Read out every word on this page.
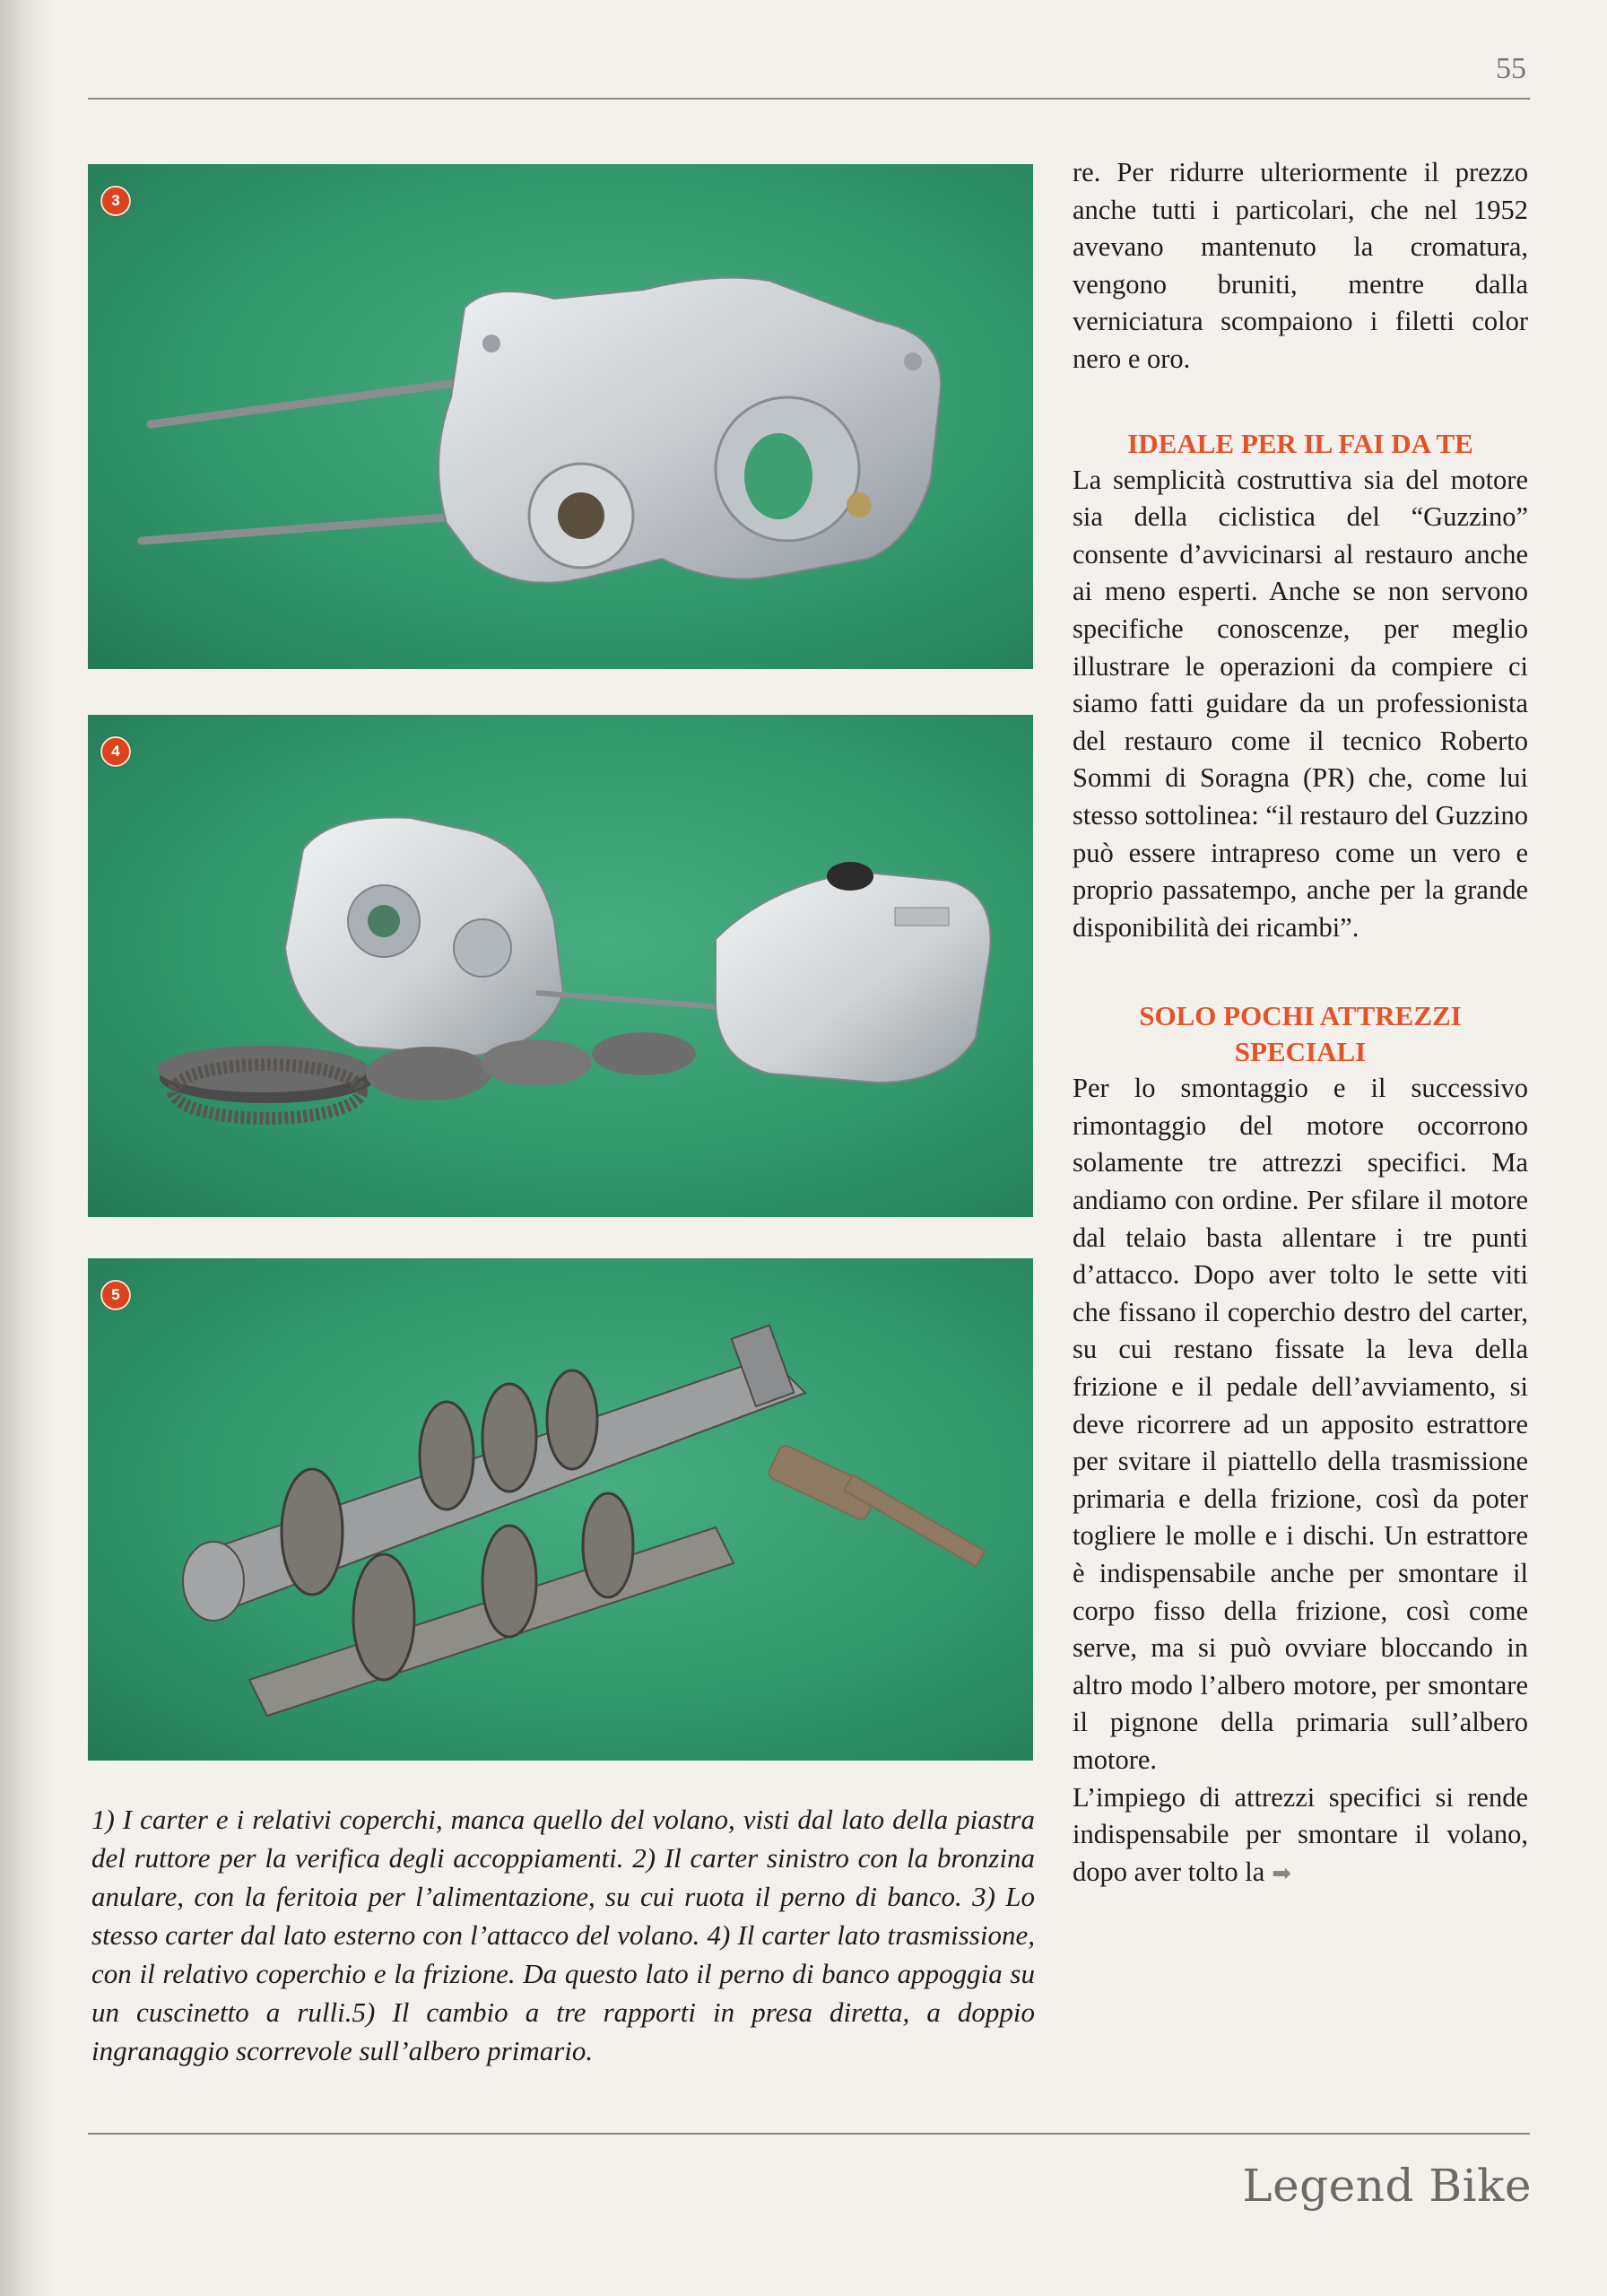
55
3
4
5

1) I carter e i relativi coperchi, manca quello del volano, visti dal lato della piastra del ruttore per la verifica degli accoppiamenti. 2) Il carter sinistro con la bronzina anulare, con la feritoia per l’alimentazione, su cui ruota il perno di banco. 3) Lo stesso carter dal lato esterno con l’attacco del volano. 4) Il carter lato trasmissione, con il relativo coperchio e la frizione. Da questo lato il perno di banco appoggia su un cuscinetto a rulli.5) Il cambio a tre rapporti in presa diretta, a doppio ingranaggio scorrevole sull’albero primario.

re. Per ridurre ulteriormente il prezzo anche tutti i particolari, che nel 1952 avevano mantenuto la cromatura, vengono bruniti, mentre dalla verniciatura scompaiono i filetti color nero e oro.

IDEALE PER IL FAI DA TE

La semplicità costruttiva sia del motore sia della ciclistica del “Guzzino” consente d’avvicinarsi al restauro anche ai meno esperti. Anche se non servono specifiche conoscenze, per meglio illustrare le operazioni da compiere ci siamo fatti guidare da un professionista del restauro come il tecnico Roberto Sommi di Soragna (PR) che, come lui stesso sottolinea: “il restauro del Guzzino può essere intrapreso come un vero e proprio passatempo, anche per la grande disponibilità dei ricambi”.

SOLO POCHI ATTREZZI SPECIALI

Per lo smontaggio e il successivo rimontaggio del motore occorrono solamente tre attrezzi specifici. Ma andiamo con ordine. Per sfilare il motore dal telaio basta allentare i tre punti d’attacco. Dopo aver tolto le sette viti che fissano il coperchio destro del carter, su cui restano fissate la leva della frizione e il pedale dell’avviamento, si deve ricorrere ad un apposito estrattore per svitare il piattello della trasmissione primaria e della frizione, così da poter togliere le molle e i dischi. Un estrattore è indispensabile anche per smontare il corpo fisso della frizione, così come serve, ma si può ovviare bloccando in altro modo l’albero motore, per smontare il pignone della primaria sull’albero motore.

L’impiego di attrezzi specifici si rende indispensabile per smontare il volano, dopo aver tolto la ➡

Legend Bike
